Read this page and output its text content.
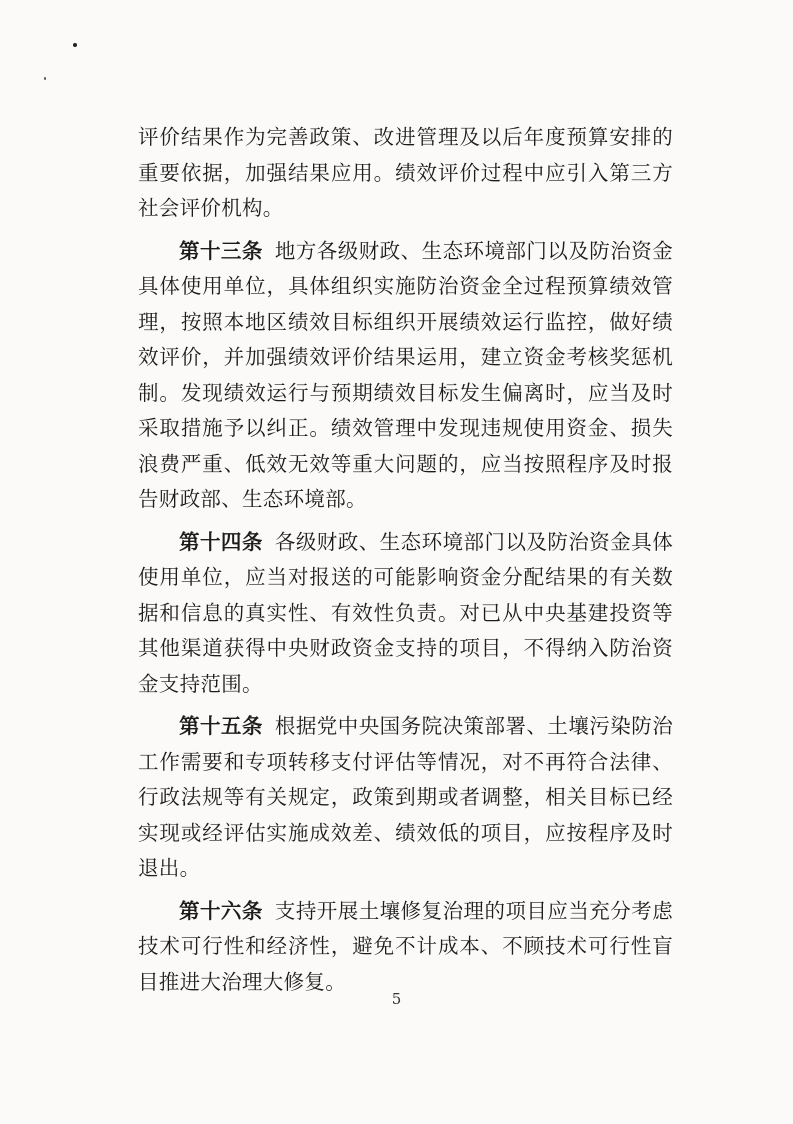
评价结果作为完善政策、改进管理及以后年度预算安排的重要依据，加强结果应用。绩效评价过程中应引入第三方社会评价机构。

第十三条 地方各级财政、生态环境部门以及防治资金具体使用单位，具体组织实施防治资金全过程预算绩效管理，按照本地区绩效目标组织开展绩效运行监控，做好绩效评价，并加强绩效评价结果运用，建立资金考核奖惩机制。发现绩效运行与预期绩效目标发生偏离时，应当及时采取措施予以纠正。绩效管理中发现违规使用资金、损失浪费严重、低效无效等重大问题的，应当按照程序及时报告财政部、生态环境部。

第十四条 各级财政、生态环境部门以及防治资金具体使用单位，应当对报送的可能影响资金分配结果的有关数据和信息的真实性、有效性负责。对已从中央基建投资等其他渠道获得中央财政资金支持的项目，不得纳入防治资金支持范围。

第十五条 根据党中央国务院决策部署、土壤污染防治工作需要和专项转移支付评估等情况，对不再符合法律、行政法规等有关规定，政策到期或者调整，相关目标已经实现或经评估实施成效差、绩效低的项目，应按程序及时退出。

第十六条 支持开展土壤修复治理的项目应当充分考虑技术可行性和经济性，避免不计成本、不顾技术可行性盲目推进大治理大修复。

5
